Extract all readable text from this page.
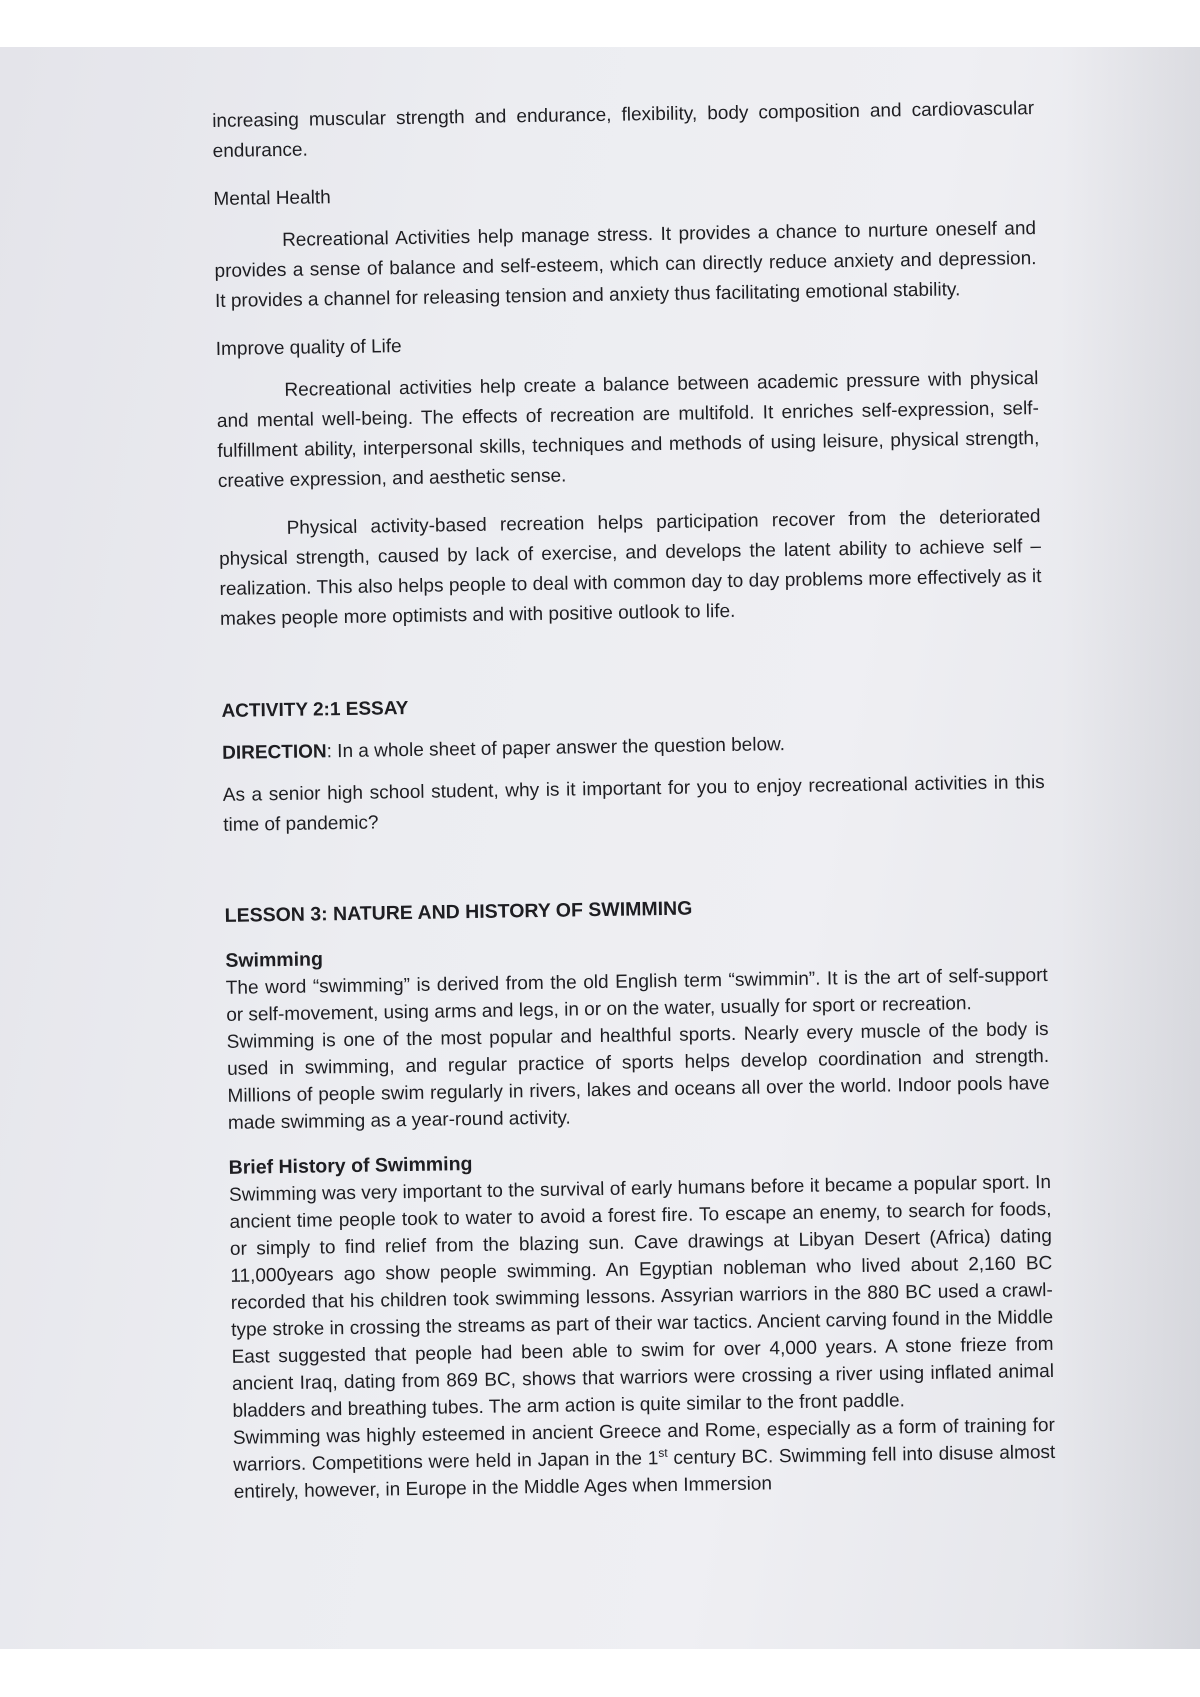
increasing muscular strength and endurance, flexibility, body composition and cardiovascular endurance.

Mental Health

Recreational Activities help manage stress. It provides a chance to nurture oneself and provides a sense of balance and self-esteem, which can directly reduce anxiety and depression. It provides a channel for releasing tension and anxiety thus facilitating emotional stability.

Improve quality of Life

Recreational activities help create a balance between academic pressure with physical and mental well-being. The effects of recreation are multifold. It enriches self-expression, self-fulfillment ability, interpersonal skills, techniques and methods of using leisure, physical strength, creative expression, and aesthetic sense.

Physical activity-based recreation helps participation recover from the deteriorated physical strength, caused by lack of exercise, and develops the latent ability to achieve self –realization. This also helps people to deal with common day to day problems more effectively as it makes people more optimists and with positive outlook to life.

ACTIVITY 2:1 ESSAY

DIRECTION: In a whole sheet of paper answer the question below.

As a senior high school student, why is it important for you to enjoy recreational activities in this time of pandemic?

LESSON 3: NATURE AND HISTORY OF SWIMMING

Swimming

The word “swimming” is derived from the old English term “swimmin”. It is the art of self-support or self-movement, using arms and legs, in or on the water, usually for sport or recreation.

Swimming is one of the most popular and healthful sports. Nearly every muscle of the body is used in swimming, and regular practice of sports helps develop coordination and strength. Millions of people swim regularly in rivers, lakes and oceans all over the world. Indoor pools have made swimming as a year-round activity.

Brief History of Swimming

Swimming was very important to the survival of early humans before it became a popular sport. In ancient time people took to water to avoid a forest fire. To escape an enemy, to search for foods, or simply to find relief from the blazing sun. Cave drawings at Libyan Desert (Africa) dating 11,000years ago show people swimming. An Egyptian nobleman who lived about 2,160 BC recorded that his children took swimming lessons. Assyrian warriors in the 880 BC used a crawl-type stroke in crossing the streams as part of their war tactics. Ancient carving found in the Middle East suggested that people had been able to swim for over 4,000 years. A stone frieze from ancient Iraq, dating from 869 BC, shows that warriors were crossing a river using inflated animal bladders and breathing tubes. The arm action is quite similar to the front paddle.

Swimming was highly esteemed in ancient Greece and Rome, especially as a form of training for warriors. Competitions were held in Japan in the 1st century BC. Swimming fell into disuse almost entirely, however, in Europe in the Middle Ages when Immersion
